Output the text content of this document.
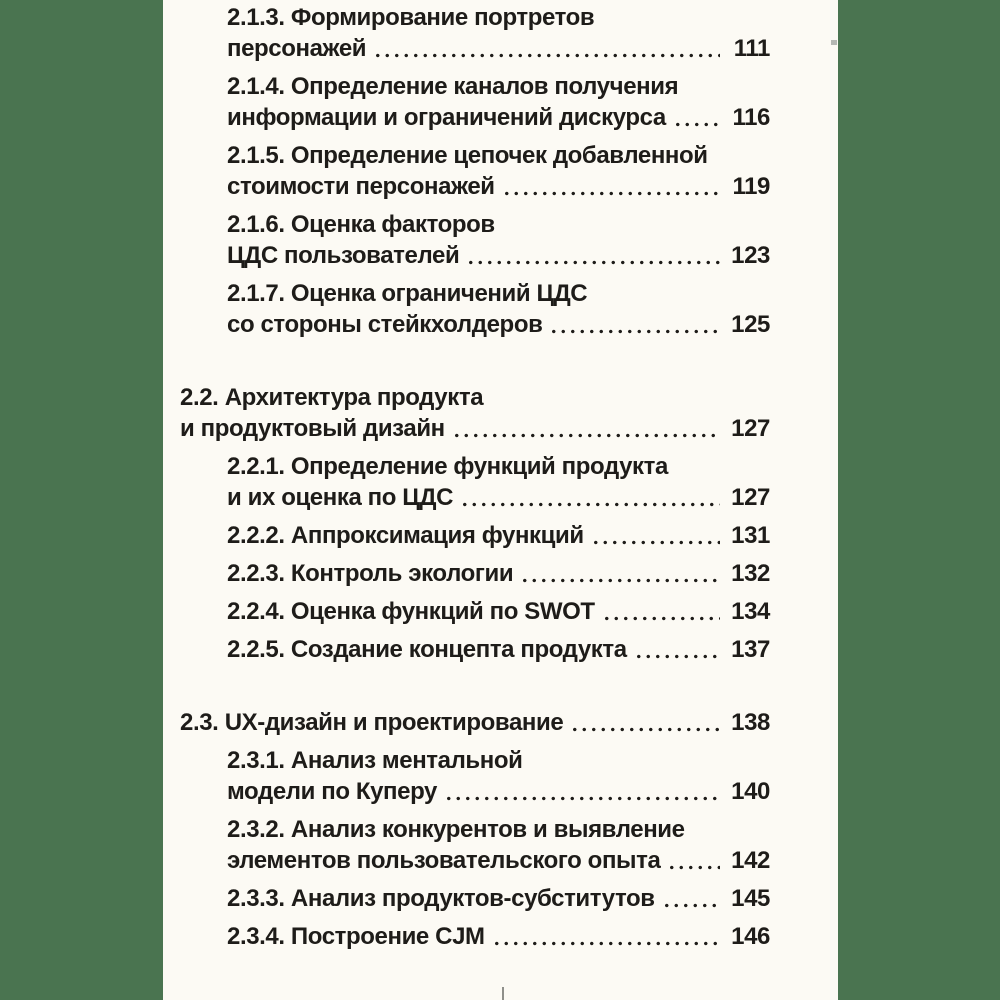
2.1.3. Формирование портретов
персонажей	111
2.1.4. Определение каналов получения
информации и ограничений дискурса	116
2.1.5. Определение цепочек добавленной
стоимости персонажей	119
2.1.6. Оценка факторов
ЦДС пользователей	123
2.1.7. Оценка ограничений ЦДС
со стороны стейкхолдеров	125
2.2. Архитектура продукта
и продуктовый дизайн	127
2.2.1. Определение функций продукта
и их оценка по ЦДС	127
2.2.2. Аппроксимация функций	131
2.2.3. Контроль экологии	132
2.2.4. Оценка функций по SWOT	134
2.2.5. Создание концепта продукта	137
2.3. UX-дизайн и проектирование	138
2.3.1. Анализ ментальной
модели по Куперу	140
2.3.2. Анализ конкурентов и выявление
элементов пользовательского опыта	142
2.3.3. Анализ продуктов-субститутов	145
2.3.4. Построение CJM	146
